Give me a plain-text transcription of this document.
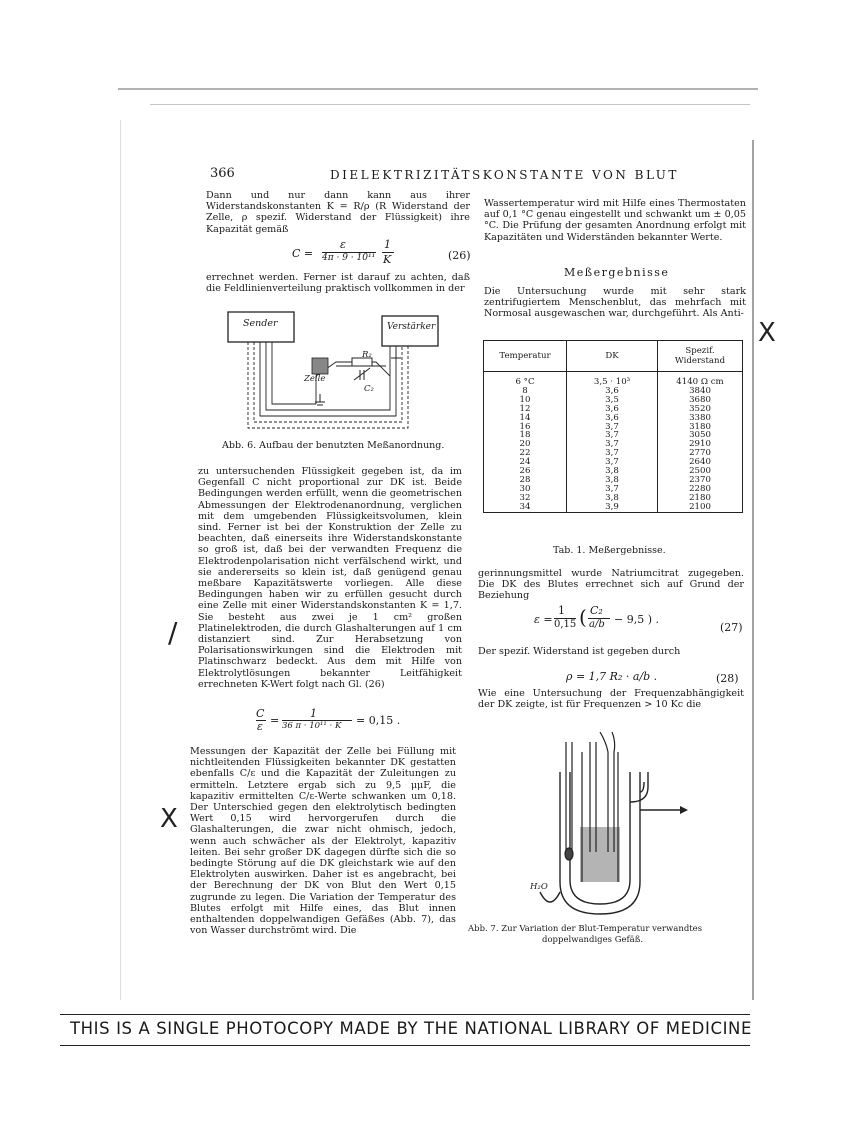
366	DIELEKTRIZITÄTSKONSTANTE VON BLUT

Dann und nur dann kann aus ihrer Widerstandskonstanten K = R/ρ (R Widerstand der Zelle, ρ spezif. Widerstand der Flüssigkeit) ihre Kapazität gemäß

C =
ε
4π · 9 · 10¹¹
1
K	(26)

errechnet werden. Ferner ist darauf zu achten, daß die Feldlinienverteilung praktisch vollkommen in der

Sender	Verstärker
Zelle
R₂
C₂
Abb. 6. Aufbau der benutzten Meßanordnung.

zu untersuchenden Flüssigkeit gegeben ist, da im Gegenfall C nicht proportional zur DK ist. Beide Bedingungen werden erfüllt, wenn die geometrischen Abmessungen der Elektrodenanordnung, verglichen mit dem umgebenden Flüssigkeitsvolumen, klein sind. Ferner ist bei der Konstruktion der Zelle zu beachten, daß einerseits ihre Widerstandskonstante so groß ist, daß bei der verwandten Frequenz die Elektrodenpolarisation nicht verfälschend wirkt, und sie andererseits so klein ist, daß genügend genau meßbare Kapazitätswerte vorliegen. Alle diese Bedingungen haben wir zu erfüllen gesucht durch eine Zelle mit einer Widerstandskonstanten K = 1,7. Sie besteht aus zwei je 1 cm² großen Platinelektroden, die durch Glashalterungen auf 1 cm distanziert sind. Zur Herabsetzung von Polarisationswirkungen sind die Elektroden mit Platinschwarz bedeckt. Aus dem mit Hilfe von Elektrolytlösungen bekannter Leitfähigkeit errechneten K-Wert folgt nach Gl. (26)

C
ε =
1
36 π · 10¹¹ · K = 0,15 .

Messungen der Kapazität der Zelle bei Füllung mit nichtleitenden Flüssigkeiten bekannter DK gestatten ebenfalls C/ε und die Kapazität der Zuleitungen zu ermitteln. Letztere ergab sich zu 9,5 μμF, die kapazitiv ermittelten C/ε-Werte schwanken um 0,18. Der Unterschied gegen den elektrolytisch bedingten Wert 0,15 wird hervorgerufen durch die Glashalterungen, die zwar nicht ohmisch, jedoch, wenn auch schwächer als der Elektrolyt, kapazitiv leiten. Bei sehr großer DK dagegen dürfte sich die so bedingte Störung auf die DK gleichstark wie auf den Elektrolyten auswirken. Daher ist es angebracht, bei der Berechnung der DK von Blut den Wert 0,15 zugrunde zu legen. Die Variation der Temperatur des Blutes erfolgt mit Hilfe eines, das Blut innen enthaltenden doppelwandigen Gefäßes (Abb. 7), das von Wasser durchströmt wird. Die

Wassertemperatur wird mit Hilfe eines Thermostaten auf 0,1 °C genau eingestellt und schwankt um ± 0,05 °C. Die Prüfung der gesamten Anordnung erfolgt mit Kapazitäten und Widerständen bekannter Werte.

Meßergebnisse

Die Untersuchung wurde mit sehr stark zentrifugiertem Menschenblut, das mehrfach mit Normosal ausgewaschen war, durchgeführt. Als Anti-

Temperatur	DK	Spezif. Widerstand
6 °C	3,5 · 10³	4140 Ω cm
8	3,6	3840
10	3,5	3680
12	3,6	3520
14	3,6	3380
16	3,7	3180
18	3,7	3050
20	3,7	2910
22	3,7	2770
24	3,7	2640
26	3,8	2500
28	3,8	2370
30	3,7	2280
32	3,8	2180
34	3,9	2100
Tab. 1. Meßergebnisse.

gerinnungsmittel wurde Natriumcitrat zugegeben. Die DK des Blutes errechnet sich auf Grund der Beziehung

ε =
1
0,15 ( C₂
a/b − 9,5 ) .
(27)

Der spezif. Widerstand ist gegeben durch

ρ = 1,7 R₂ · a/b .	(28)

Wie eine Untersuchung der Frequenzabhängigkeit der DK zeigte, ist für Frequenzen > 10 Kc die

H₂O
Abb. 7. Zur Variation der Blut-Temperatur verwandtes
doppelwandiges Gefäß.
/
X
X
THIS IS A SINGLE PHOTOCOPY MADE BY THE NATIONAL LIBRARY OF MEDICINE
